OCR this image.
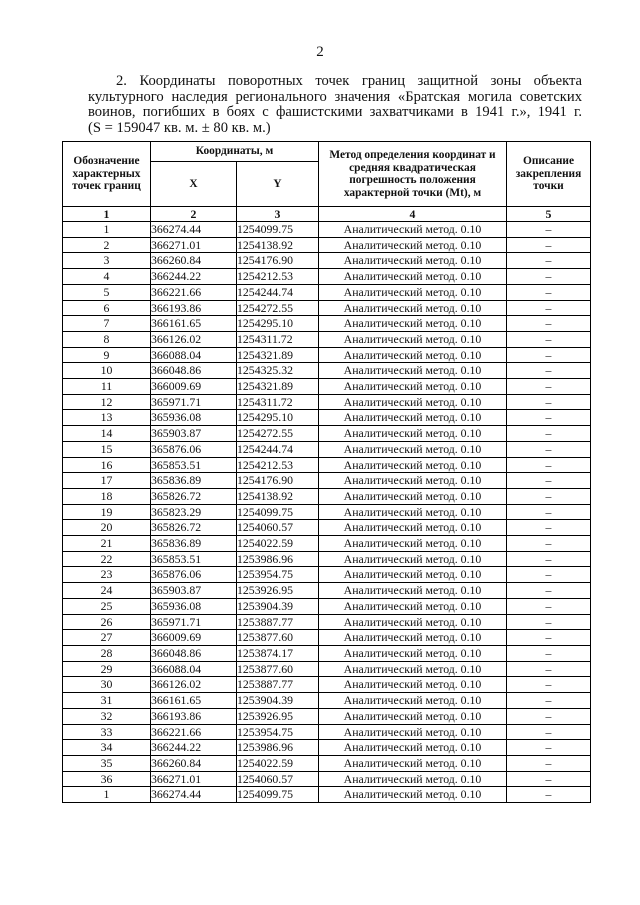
2
2. Координаты поворотных точек границ защитной зоны объекта
культурного наследия регионального значения «Братская могила советских
воинов, погибших в боях с фашистскими захватчиками в 1941 г.», 1941 г.
(S = 159047 кв. м. ± 80 кв. м.)
Обозначение характерных точек границ	Координаты, м		Метод определения координат и средняя квадратическая погрешность положения характерной точки (Mt), м	Описание закрепления точки
	X	Y		
1	2	3	4	5
1	366274.44	1254099.75	Аналитический метод. 0.10	–
2	366271.01	1254138.92	Аналитический метод. 0.10	–
3	366260.84	1254176.90	Аналитический метод. 0.10	–
4	366244.22	1254212.53	Аналитический метод. 0.10	–
5	366221.66	1254244.74	Аналитический метод. 0.10	–
6	366193.86	1254272.55	Аналитический метод. 0.10	–
7	366161.65	1254295.10	Аналитический метод. 0.10	–
8	366126.02	1254311.72	Аналитический метод. 0.10	–
9	366088.04	1254321.89	Аналитический метод. 0.10	–
10	366048.86	1254325.32	Аналитический метод. 0.10	–
11	366009.69	1254321.89	Аналитический метод. 0.10	–
12	365971.71	1254311.72	Аналитический метод. 0.10	–
13	365936.08	1254295.10	Аналитический метод. 0.10	–
14	365903.87	1254272.55	Аналитический метод. 0.10	–
15	365876.06	1254244.74	Аналитический метод. 0.10	–
16	365853.51	1254212.53	Аналитический метод. 0.10	–
17	365836.89	1254176.90	Аналитический метод. 0.10	–
18	365826.72	1254138.92	Аналитический метод. 0.10	–
19	365823.29	1254099.75	Аналитический метод. 0.10	–
20	365826.72	1254060.57	Аналитический метод. 0.10	–
21	365836.89	1254022.59	Аналитический метод. 0.10	–
22	365853.51	1253986.96	Аналитический метод. 0.10	–
23	365876.06	1253954.75	Аналитический метод. 0.10	–
24	365903.87	1253926.95	Аналитический метод. 0.10	–
25	365936.08	1253904.39	Аналитический метод. 0.10	–
26	365971.71	1253887.77	Аналитический метод. 0.10	–
27	366009.69	1253877.60	Аналитический метод. 0.10	–
28	366048.86	1253874.17	Аналитический метод. 0.10	–
29	366088.04	1253877.60	Аналитический метод. 0.10	–
30	366126.02	1253887.77	Аналитический метод. 0.10	–
31	366161.65	1253904.39	Аналитический метод. 0.10	–
32	366193.86	1253926.95	Аналитический метод. 0.10	–
33	366221.66	1253954.75	Аналитический метод. 0.10	–
34	366244.22	1253986.96	Аналитический метод. 0.10	–
35	366260.84	1254022.59	Аналитический метод. 0.10	–
36	366271.01	1254060.57	Аналитический метод. 0.10	–
1	366274.44	1254099.75	Аналитический метод. 0.10	–
